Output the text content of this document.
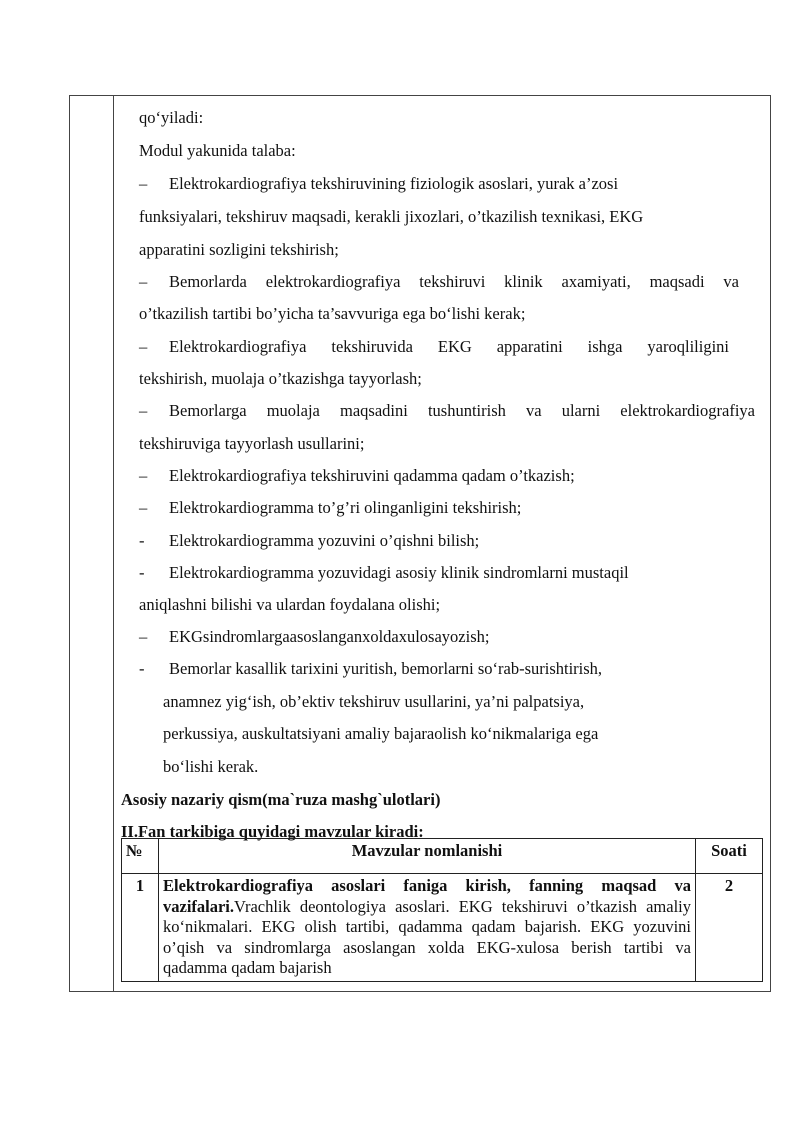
qo‘yiladi:
Modul yakunida talaba:
– Elektrokardiografiya tekshiruvining fiziologik asoslari, yurak a’zosi
funksiyalari, tekshiruv maqsadi, kerakli jixozlari, o’tkazilish texnikasi, EKG
apparatini sozligini tekshirish;
– Bemorlarda elektrokardiografiya tekshiruvi klinik axamiyati, maqsadi va
o’tkazilish tartibi bo’yicha ta’savvuriga ega bo‘lishi kerak;
– Elektrokardiografiya tekshiruvida EKG apparatini ishga yaroqliligini
tekshirish, muolaja o’tkazishga tayyorlash;
– Bemorlarga muolaja maqsadini tushuntirish va ularni elektrokardiografiya
tekshiruviga tayyorlash usullarini;
– Elektrokardiografiya tekshiruvini qadamma qadam o’tkazish;
– Elektrokardiogramma to’g’ri olinganligini tekshirish;
- Elektrokardiogramma yozuvini o’qishni bilish;
- Elektrokardiogramma yozuvidagi asosiy klinik sindromlarni mustaqil
aniqlashni bilishi va ulardan foydalana olishi;
– EKGsindromlargaasoslanganxoldaxulosayozish;
- Bemorlar kasallik tarixini yuritish, bemorlarni so‘rab-surishtirish,
anamnez yig‘ish, ob’ektiv tekshiruv usullarini, ya’ni palpatsiya,
perkussiya, auskultatsiyani amaliy bajaraolish ko‘nikmalariga ega
bo‘lishi kerak.
Asosiy nazariy qism(ma`ruza mashg`ulotlari)
II.Fan tarkibiga quyidagi mavzular kiradi:
№	Mavzular nomlanishi	Soati
1	Elektrokardiografiya asoslari faniga kirish, fanning maqsad va vazifalari.Vrachlik deontologiya asoslari. EKG tekshiruvi o’tkazish amaliy ko‘nikmalari. EKG olish tartibi, qadamma qadam bajarish. EKG yozuvini o’qish va sindromlarga asoslangan xolda EKG-xulosa berish tartibi va qadamma qadam bajarish	2
